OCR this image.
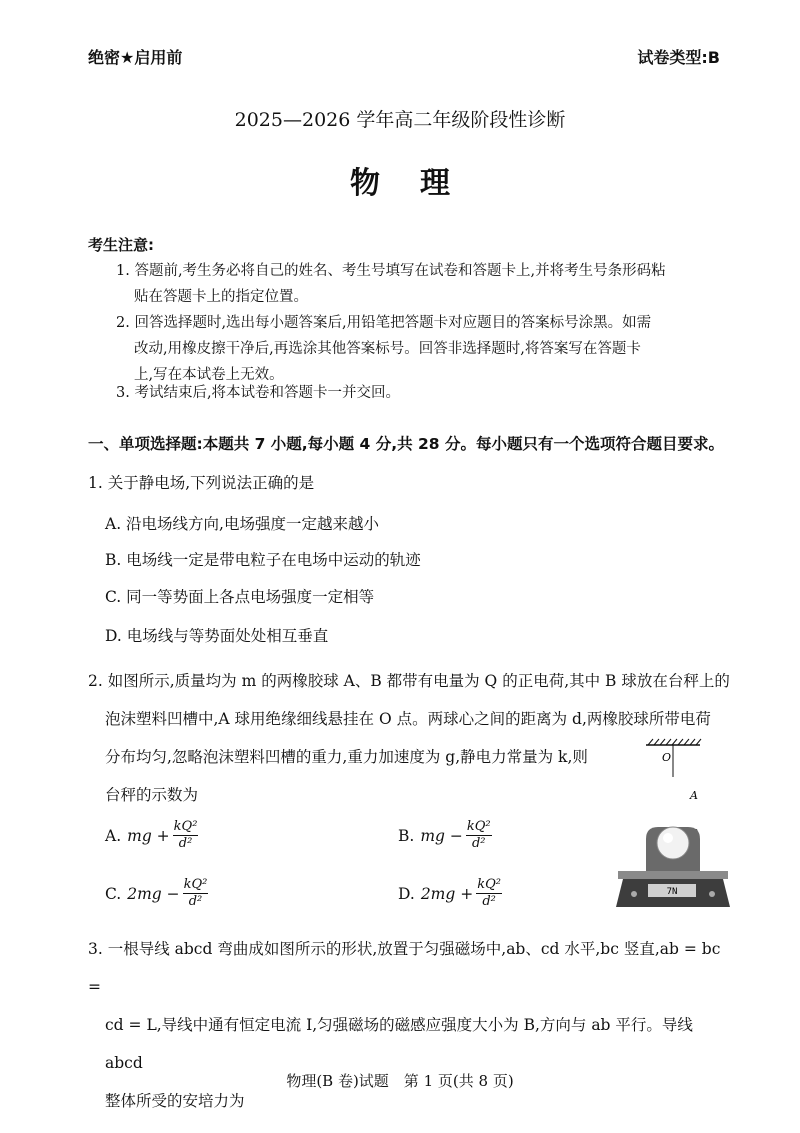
绝密★启用前	试卷类型:B
2025—2026 学年高二年级阶段性诊断
物理
考生注意:
1. 答题前,考生务必将自己的姓名、考生号填写在试卷和答题卡上,并将考生号条形码粘
贴在答题卡上的指定位置。
2. 回答选择题时,选出每小题答案后,用铅笔把答题卡对应题目的答案标号涂黑。如需
改动,用橡皮擦干净后,再选涂其他答案标号。回答非选择题时,将答案写在答题卡
上,写在本试卷上无效。
3. 考试结束后,将本试卷和答题卡一并交回。
一、单项选择题:本题共 7 小题,每小题 4 分,共 28 分。每小题只有一个选项符合题目要求。
1. 关于静电场,下列说法正确的是
A. 沿电场线方向,电场强度一定越来越小
B. 电场线一定是带电粒子在电场中运动的轨迹
C. 同一等势面上各点电场强度一定相等
D. 电场线与等势面处处相互垂直
2. 如图所示,质量均为 m 的两橡胶球 A、B 都带有电量为 Q 的正电荷,其中 B 球放在台秤上的
泡沫塑料凹槽中,A 球用绝缘细线悬挂在 O 点。两球心之间的距离为 d,两橡胶球所带电荷
分布均匀,忽略泡沫塑料凹槽的重力,重力加速度为 g,静电力常量为 k,则
台秤的示数为
A. mg + $\frac{\text{kQ²}}{\text{d²}}$	B. mg − $\frac{\text{kQ²}}{\text{d²}}$
C. $2mg - \frac{\text{kQ²}}{\text{d²}}$	D. $2mg + \frac{\text{kQ²}}{\text{d²}}$
O
A
7N
3. 一根导线 abcd 弯曲成如图所示的形状,放置于匀强磁场中,ab、cd 水平,bc 竖直,ab = bc =
cd = L,导线中通有恒定电流 I,匀强磁场的磁感应强度大小为 B,方向与 ab 平行。导线 abcd
整体所受的安培力为
物理(B 卷)试题　第 1 页(共 8 页)
